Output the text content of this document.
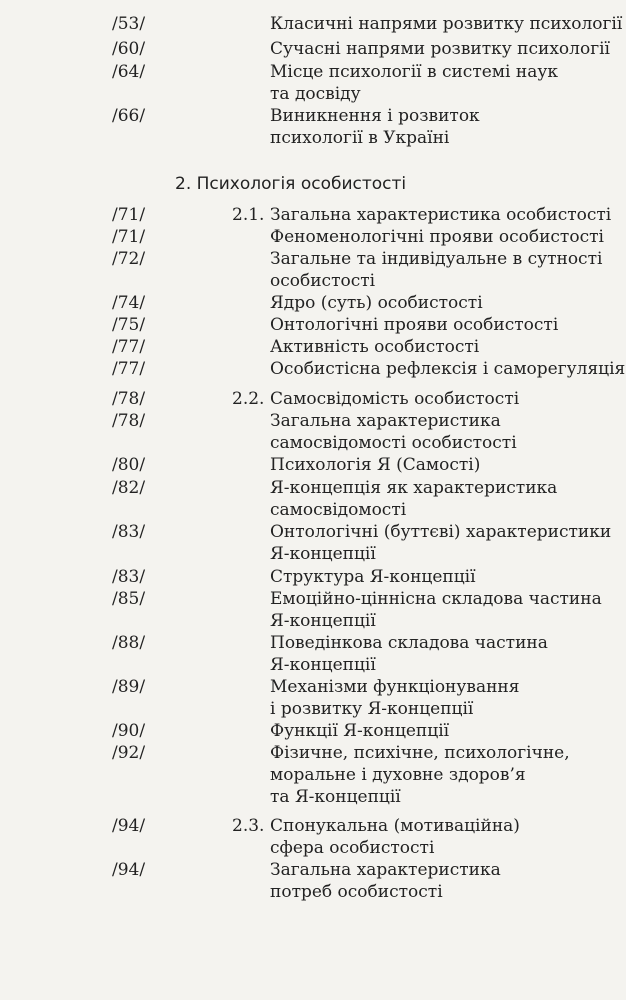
2. Психологія особистості
/53/	Класичні напрями розвитку психології
/60/	Сучасні напрями розвитку психології
/64/	Місце психології в системі наук
та досвіду
/66/	Виникнення і розвиток
психології в Україні
/71/	2.1. Загальна характеристика особистості
/71/	Феноменологічні прояви особистості
/72/	Загальне та індивідуальне в сутності
особистості
/74/	Ядро (суть) особистості
/75/	Онтологічні прояви особистості
/77/	Активність особистості
/77/	Особистісна рефлексія і саморегуляція
/78/	2.2. Самосвідомість особистості
/78/	Загальна характеристика
самосвідомості особистості
/80/	Психологія Я (Самості)
/82/	Я-концепція як характеристика
самосвідомості
/83/	Онтологічні (буттєві) характеристики
Я-концепції
/83/	Структура Я-концепції
/85/	Емоційно-ціннісна складова частина
Я-концепції
/88/	Поведінкова складова частина
Я-концепції
/89/	Механізми функціонування
і розвитку Я-концепції
/90/	Функції Я-концепції
/92/	Фізичне, психічне, психологічне,
моральне і духовне здоров’я
та Я-концепції
/94/	2.3. Спонукальна (мотиваційна)
сфера особистості
/94/	Загальна характеристика
потреб особистості
